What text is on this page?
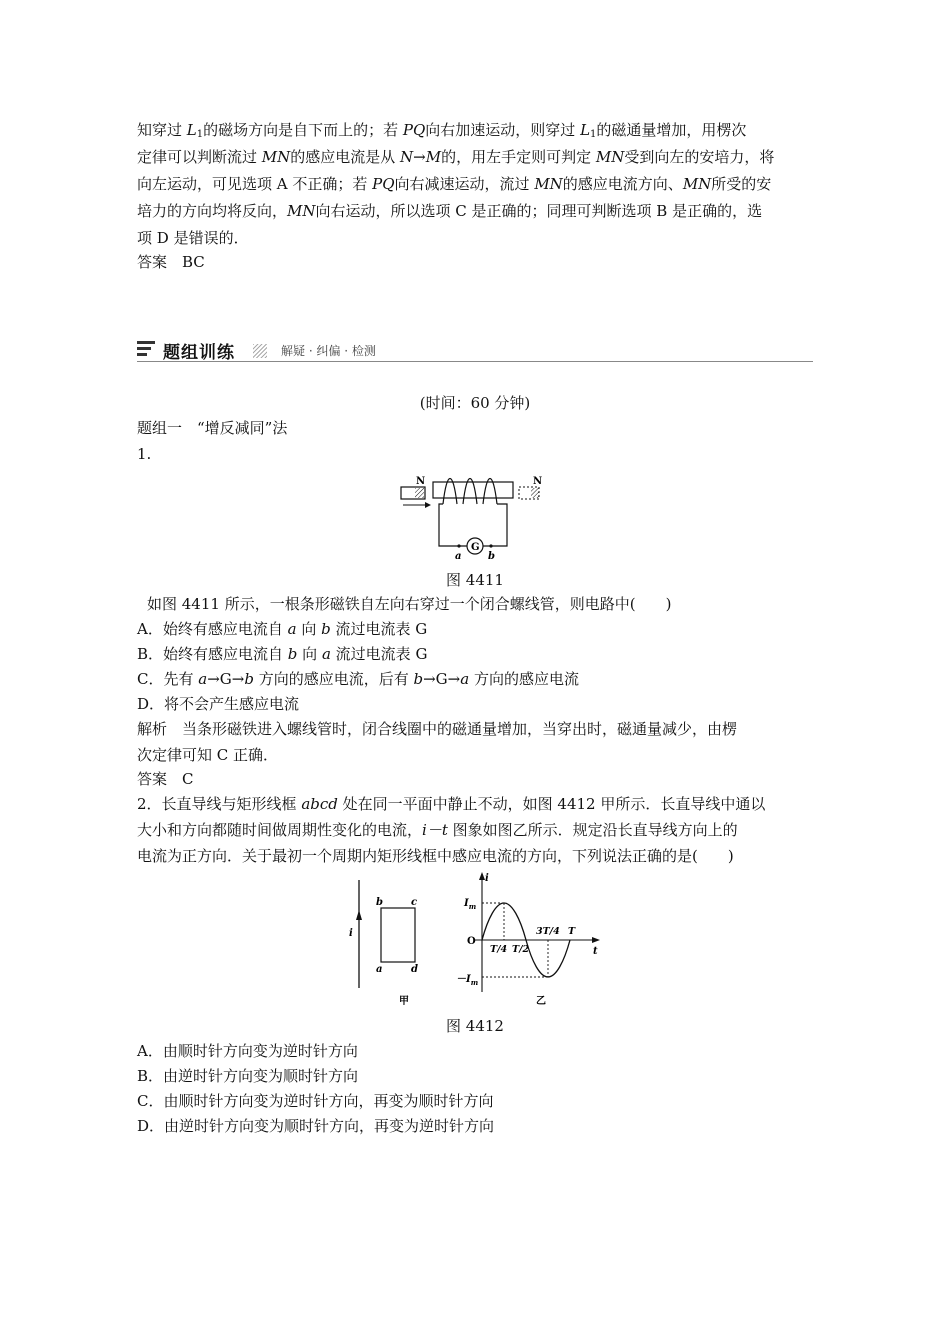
知穿过 $L_1$的磁场方向是自下而上的；若 PQ向右加速运动，则穿过 $L_1$的磁通量增加，用楞次
定律可以判断流过 MN的感应电流是从 N→M的，用左手定则可判定 MN受到向左的安培力，将
向左运动，可见选项 A 不正确；若 PQ向右减速运动，流过 MN的感应电流方向、MN所受的安
培力的方向均将反向，MN向右运动，所以选项 C 是正确的；同理可判断选项 B 是正确的，选
项 D 是错误的．
答案　BC
题组训练	解疑 · 纠偏 · 检测
(时间：60 分钟)
题组一　“增反减同”法
1.
N
G
a	b
N
图 4411
如图 4411 所示，一根条形磁铁自左向右穿过一个闭合螺线管，则电路中(　　)
A．始终有感应电流自 a 向 b 流过电流表 G
B．始终有感应电流自 b 向 a 流过电流表 G
C．先有 a→G→b 方向的感应电流，后有 b→G→a 方向的感应电流
D．将不会产生感应电流
解析　当条形磁铁进入螺线管时，闭合线圈中的磁通量增加，当穿出时，磁通量减少，由楞
次定律可知 C 正确．
答案　C
2．长直导线与矩形线框 abcd 处在同一平面中静止不动，如图 4412 甲所示．长直导线中通以
大小和方向都随时间做周期性变化的电流，i－t 图象如图乙所示．规定沿长直导线方向上的
电流为正方向．关于最初一个周期内矩形线框中感应电流的方向，下列说法正确的是(　　)
i
b	c
a	d
甲
i
t
O
$I_m$
$-I_m$
T/4 T/2
3T/4 T
乙
图 4412
A．由顺时针方向变为逆时针方向
B．由逆时针方向变为顺时针方向
C．由顺时针方向变为逆时针方向，再变为顺时针方向
D．由逆时针方向变为顺时针方向，再变为逆时针方向
